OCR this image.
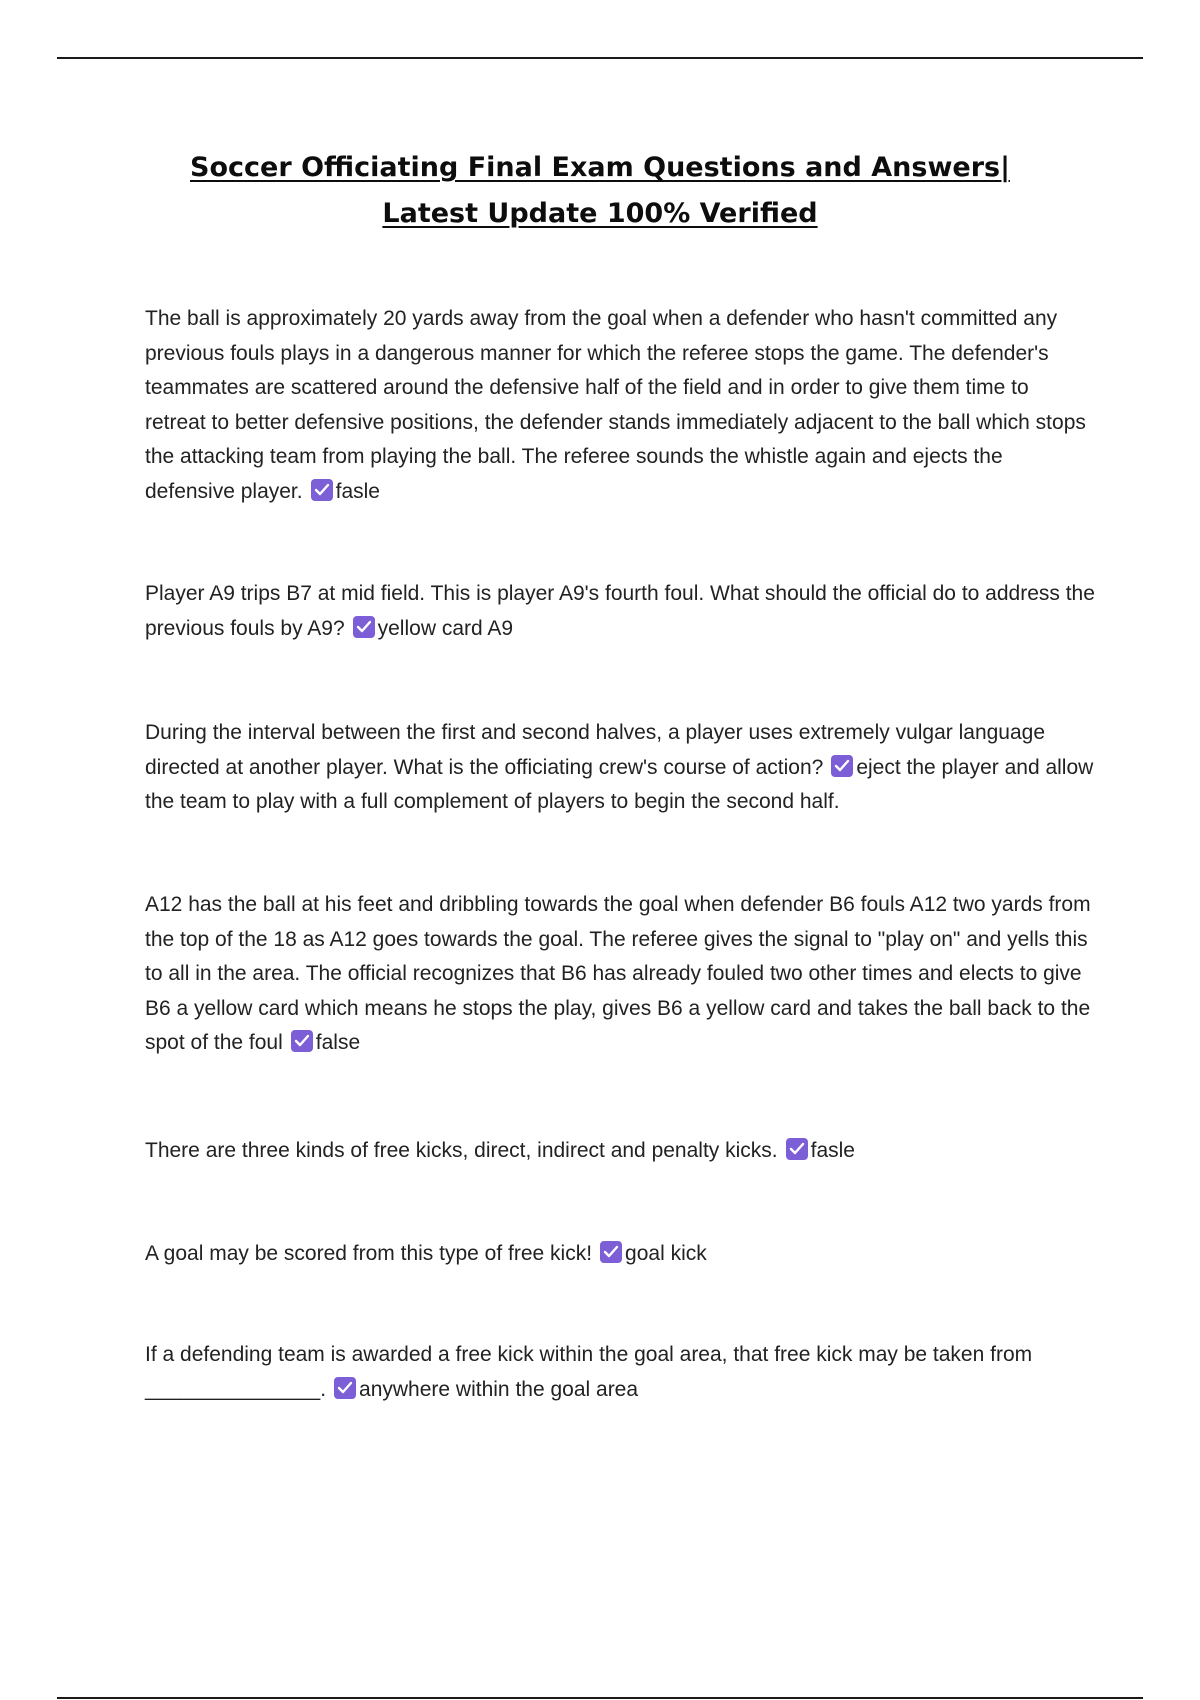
Soccer Officiating Final Exam Questions and Answers|
Latest Update 100% Verified
The ball is approximately 20 yards away from the goal when a defender who hasn't committed any previous fouls plays in a dangerous manner for which the referee stops the game. The defender's teammates are scattered around the defensive half of the field and in order to give them time to retreat to better defensive positions, the defender stands immediately adjacent to the ball which stops the attacking team from playing the ball. The referee sounds the whistle again and ejects the defensive player. fasle
Player A9 trips B7 at mid field. This is player A9's fourth foul. What should the official do to address the previous fouls by A9? yellow card A9
During the interval between the first and second halves, a player uses extremely vulgar language directed at another player. What is the officiating crew's course of action? eject the player and allow the team to play with a full complement of players to begin the second half.
A12 has the ball at his feet and dribbling towards the goal when defender B6 fouls A12 two yards from the top of the 18 as A12 goes towards the goal. The referee gives the signal to "play on" and yells this to all in the area. The official recognizes that B6 has already fouled two other times and elects to give B6 a yellow card which means he stops the play, gives B6 a yellow card and takes the ball back to the spot of the foul false
There are three kinds of free kicks, direct, indirect and penalty kicks. fasle
A goal may be scored from this type of free kick! goal kick
If a defending team is awarded a free kick within the goal area, that free kick may be taken from _______________. anywhere within the goal area
